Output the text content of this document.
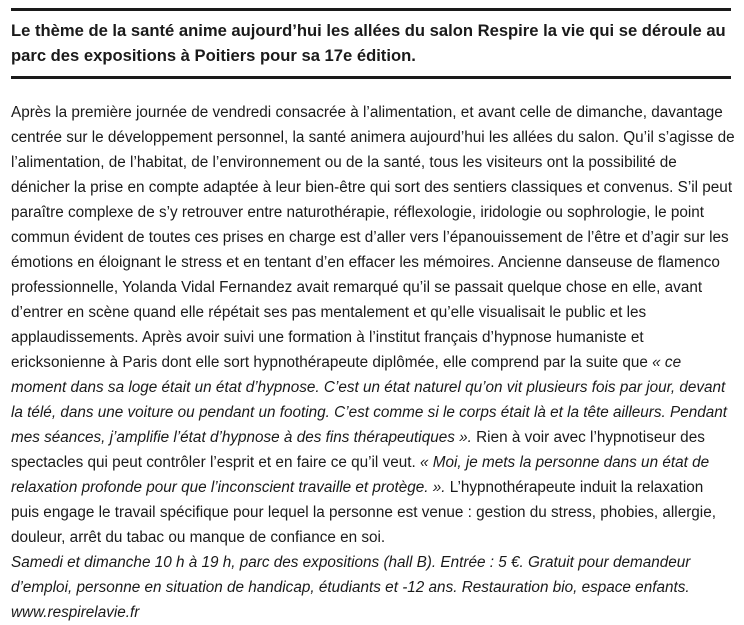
Le thème de la santé anime aujourd’hui les allées du salon Respire la vie qui se déroule au parc des expositions à Poitiers pour sa 17e édition.

Après la première journée de vendredi consacrée à l’alimentation, et avant celle de dimanche, davantage centrée sur le développement personnel, la santé animera aujourd’hui les allées du salon. Qu’il s’agisse de l’alimentation, de l’habitat, de l’environnement ou de la santé, tous les visiteurs ont la possibilité de dénicher la prise en compte adaptée à leur bien-être qui sort des sentiers classiques et convenus. S’il peut paraître complexe de s’y retrouver entre naturothérapie, réflexologie, iridologie ou sophrologie, le point commun évident de toutes ces prises en charge est d’aller vers l’épanouissement de l’être et d’agir sur les émotions en éloignant le stress et en tentant d’en effacer les mémoires. Ancienne danseuse de flamenco professionnelle, Yolanda Vidal Fernandez avait remarqué qu’il se passait quelque chose en elle, avant d’entrer en scène quand elle répétait ses pas mentalement et qu’elle visualisait le public et les applaudissements. Après avoir suivi une formation à l’institut français d’hypnose humaniste et ericksonienne à Paris dont elle sort hypnothérapeute diplômée, elle comprend par la suite que « ce moment dans sa loge était un état d’hypnose. C’est un état naturel qu’on vit plusieurs fois par jour, devant la télé, dans une voiture ou pendant un footing. C’est comme si le corps était là et la tête ailleurs. Pendant mes séances, j’amplifie l’état d’hypnose à des fins thérapeutiques ». Rien à voir avec l’hypnotiseur des spectacles qui peut contrôler l’esprit et en faire ce qu’il veut. « Moi, je mets la personne dans un état de relaxation profonde pour que l’inconscient travaille et protège. ». L’hypnothérapeute induit la relaxation puis engage le travail spécifique pour lequel la personne est venue : gestion du stress, phobies, allergie, douleur, arrêt du tabac ou manque de confiance en soi.
Samedi et dimanche 10 h à 19 h, parc des expositions (hall B). Entrée : 5 €. Gratuit pour demandeur d’emploi, personne en situation de handicap, étudiants et -12 ans. Restauration bio, espace enfants. www.respirelavie.fr
